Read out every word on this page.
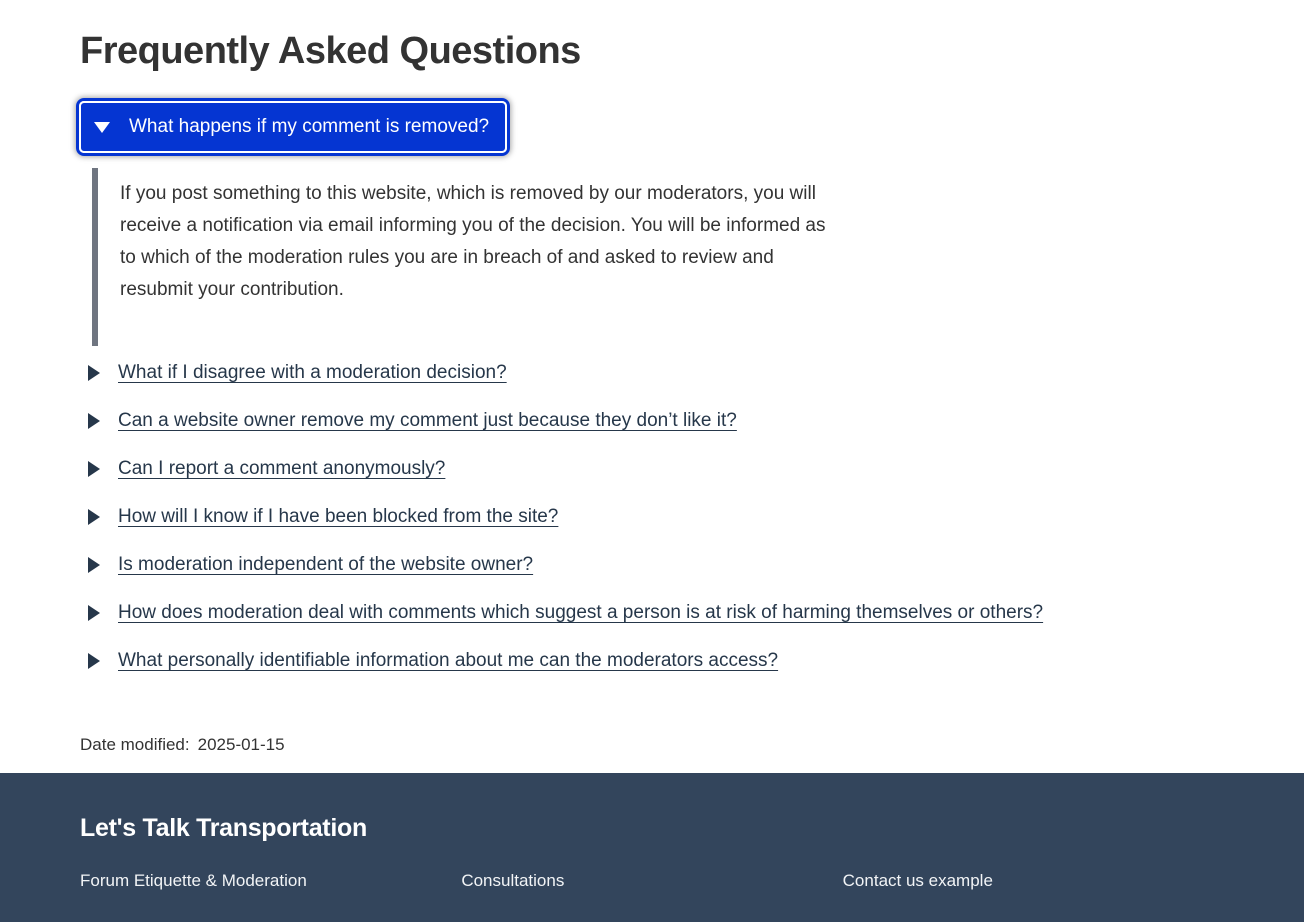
Frequently Asked Questions
What happens if my comment is removed?

If you post something to this website, which is removed by our moderators, you will receive a notification via email informing you of the decision. You will be informed as to which of the moderation rules you are in breach of and asked to review and resubmit your contribution.

What if I disagree with a moderation decision?
Can a website owner remove my comment just because they don’t like it?
Can I report a comment anonymously?
How will I know if I have been blocked from the site?
Is moderation independent of the website owner?
How does moderation deal with comments which suggest a person is at risk of harming themselves or others?
What personally identifiable information about me can the moderators access?
Date modified: 2025-01-15
Let's Talk Transportation
Forum Etiquette & Moderation	Consultations	Contact us example
